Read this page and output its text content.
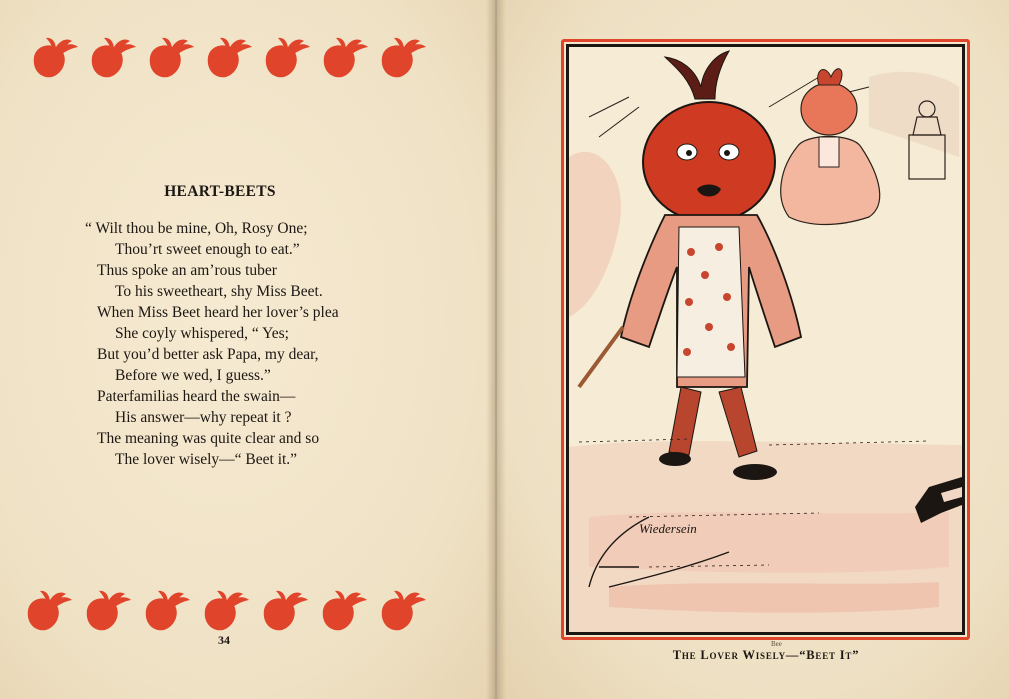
HEART-BEETS
“ Wilt thou be mine, Oh, Rosy One;
Thou’rt sweet enough to eat.”
Thus spoke an am’rous tuber
To his sweetheart, shy Miss Beet.
When Miss Beet heard her lover’s plea
She coyly whispered, “ Yes;
But you’d better ask Papa, my dear,
Before we wed, I guess.”
Paterfamilias heard the swain—
His answer—why repeat it ?
The meaning was quite clear and so
The lover wisely—“ Beet it.”
34
Wiedersein
Bee
The Lover Wisely—“Beet It”
